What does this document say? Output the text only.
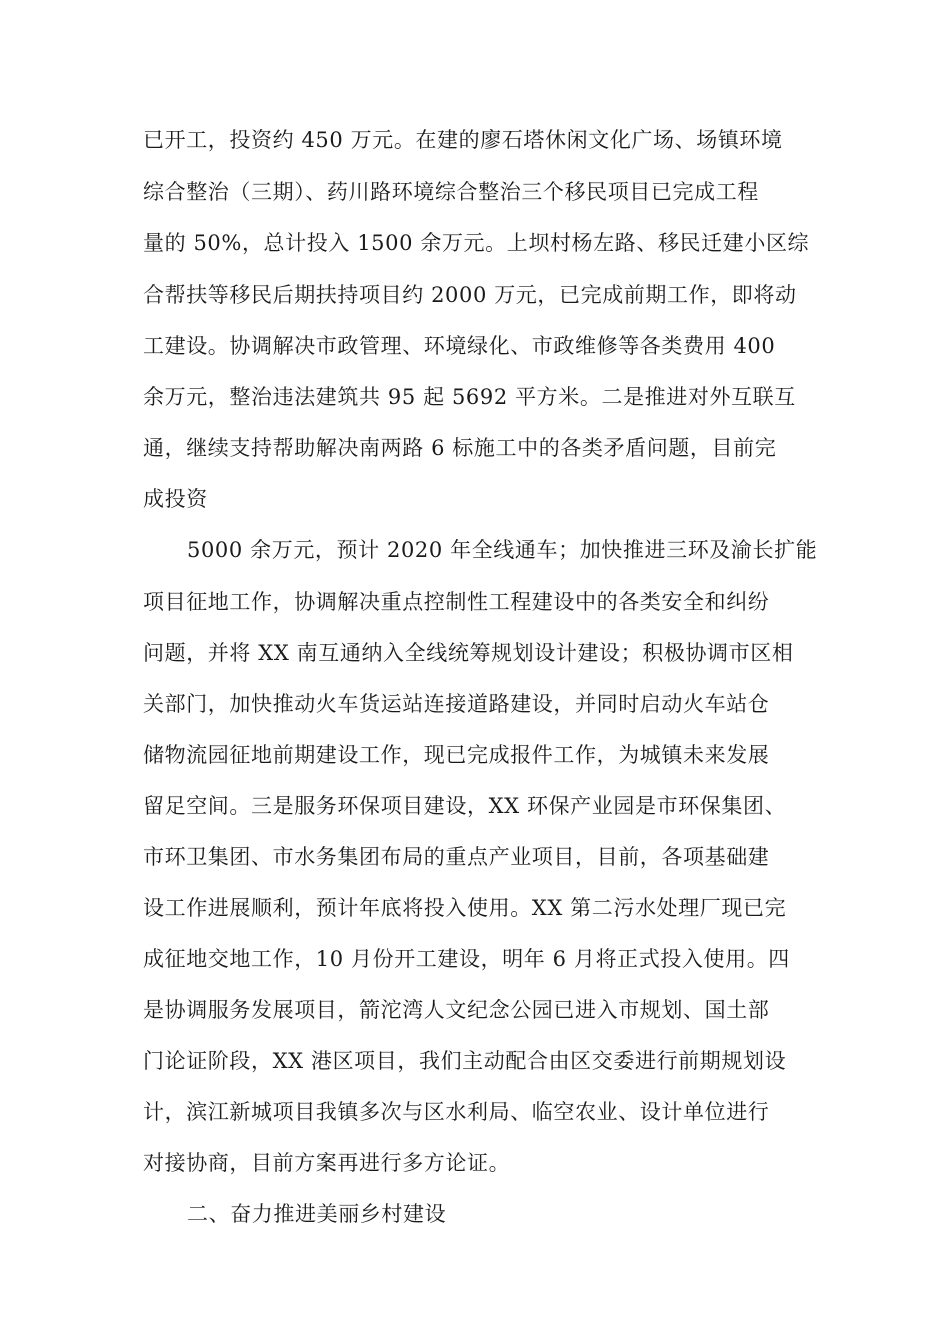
已开工，投资约 450 万元。在建的廖石塔休闲文化广场、场镇环境
综合整治（三期）、药川路环境综合整治三个移民项目已完成工程
量的 50%，总计投入 1500 余万元。上坝村杨左路、移民迁建小区综
合帮扶等移民后期扶持项目约 2000 万元，已完成前期工作，即将动
工建设。协调解决市政管理、环境绿化、市政维修等各类费用 400
余万元，整治违法建筑共 95 起 5692 平方米。二是推进对外互联互
通，继续支持帮助解决南两路 6 标施工中的各类矛盾问题，目前完
成投资
5000 余万元，预计 2020 年全线通车；加快推进三环及渝长扩能
项目征地工作，协调解决重点控制性工程建设中的各类安全和纠纷
问题，并将 XX 南互通纳入全线统筹规划设计建设；积极协调市区相
关部门，加快推动火车货运站连接道路建设，并同时启动火车站仓
储物流园征地前期建设工作，现已完成报件工作，为城镇未来发展
留足空间。三是服务环保项目建设，XX 环保产业园是市环保集团、
市环卫集团、市水务集团布局的重点产业项目，目前，各项基础建
设工作进展顺利，预计年底将投入使用。XX 第二污水处理厂现已完
成征地交地工作，10 月份开工建设，明年 6 月将正式投入使用。四
是协调服务发展项目，箭沱湾人文纪念公园已进入市规划、国土部
门论证阶段，XX 港区项目，我们主动配合由区交委进行前期规划设
计，滨江新城项目我镇多次与区水利局、临空农业、设计单位进行
对接协商，目前方案再进行多方论证。
二、奋力推进美丽乡村建设
